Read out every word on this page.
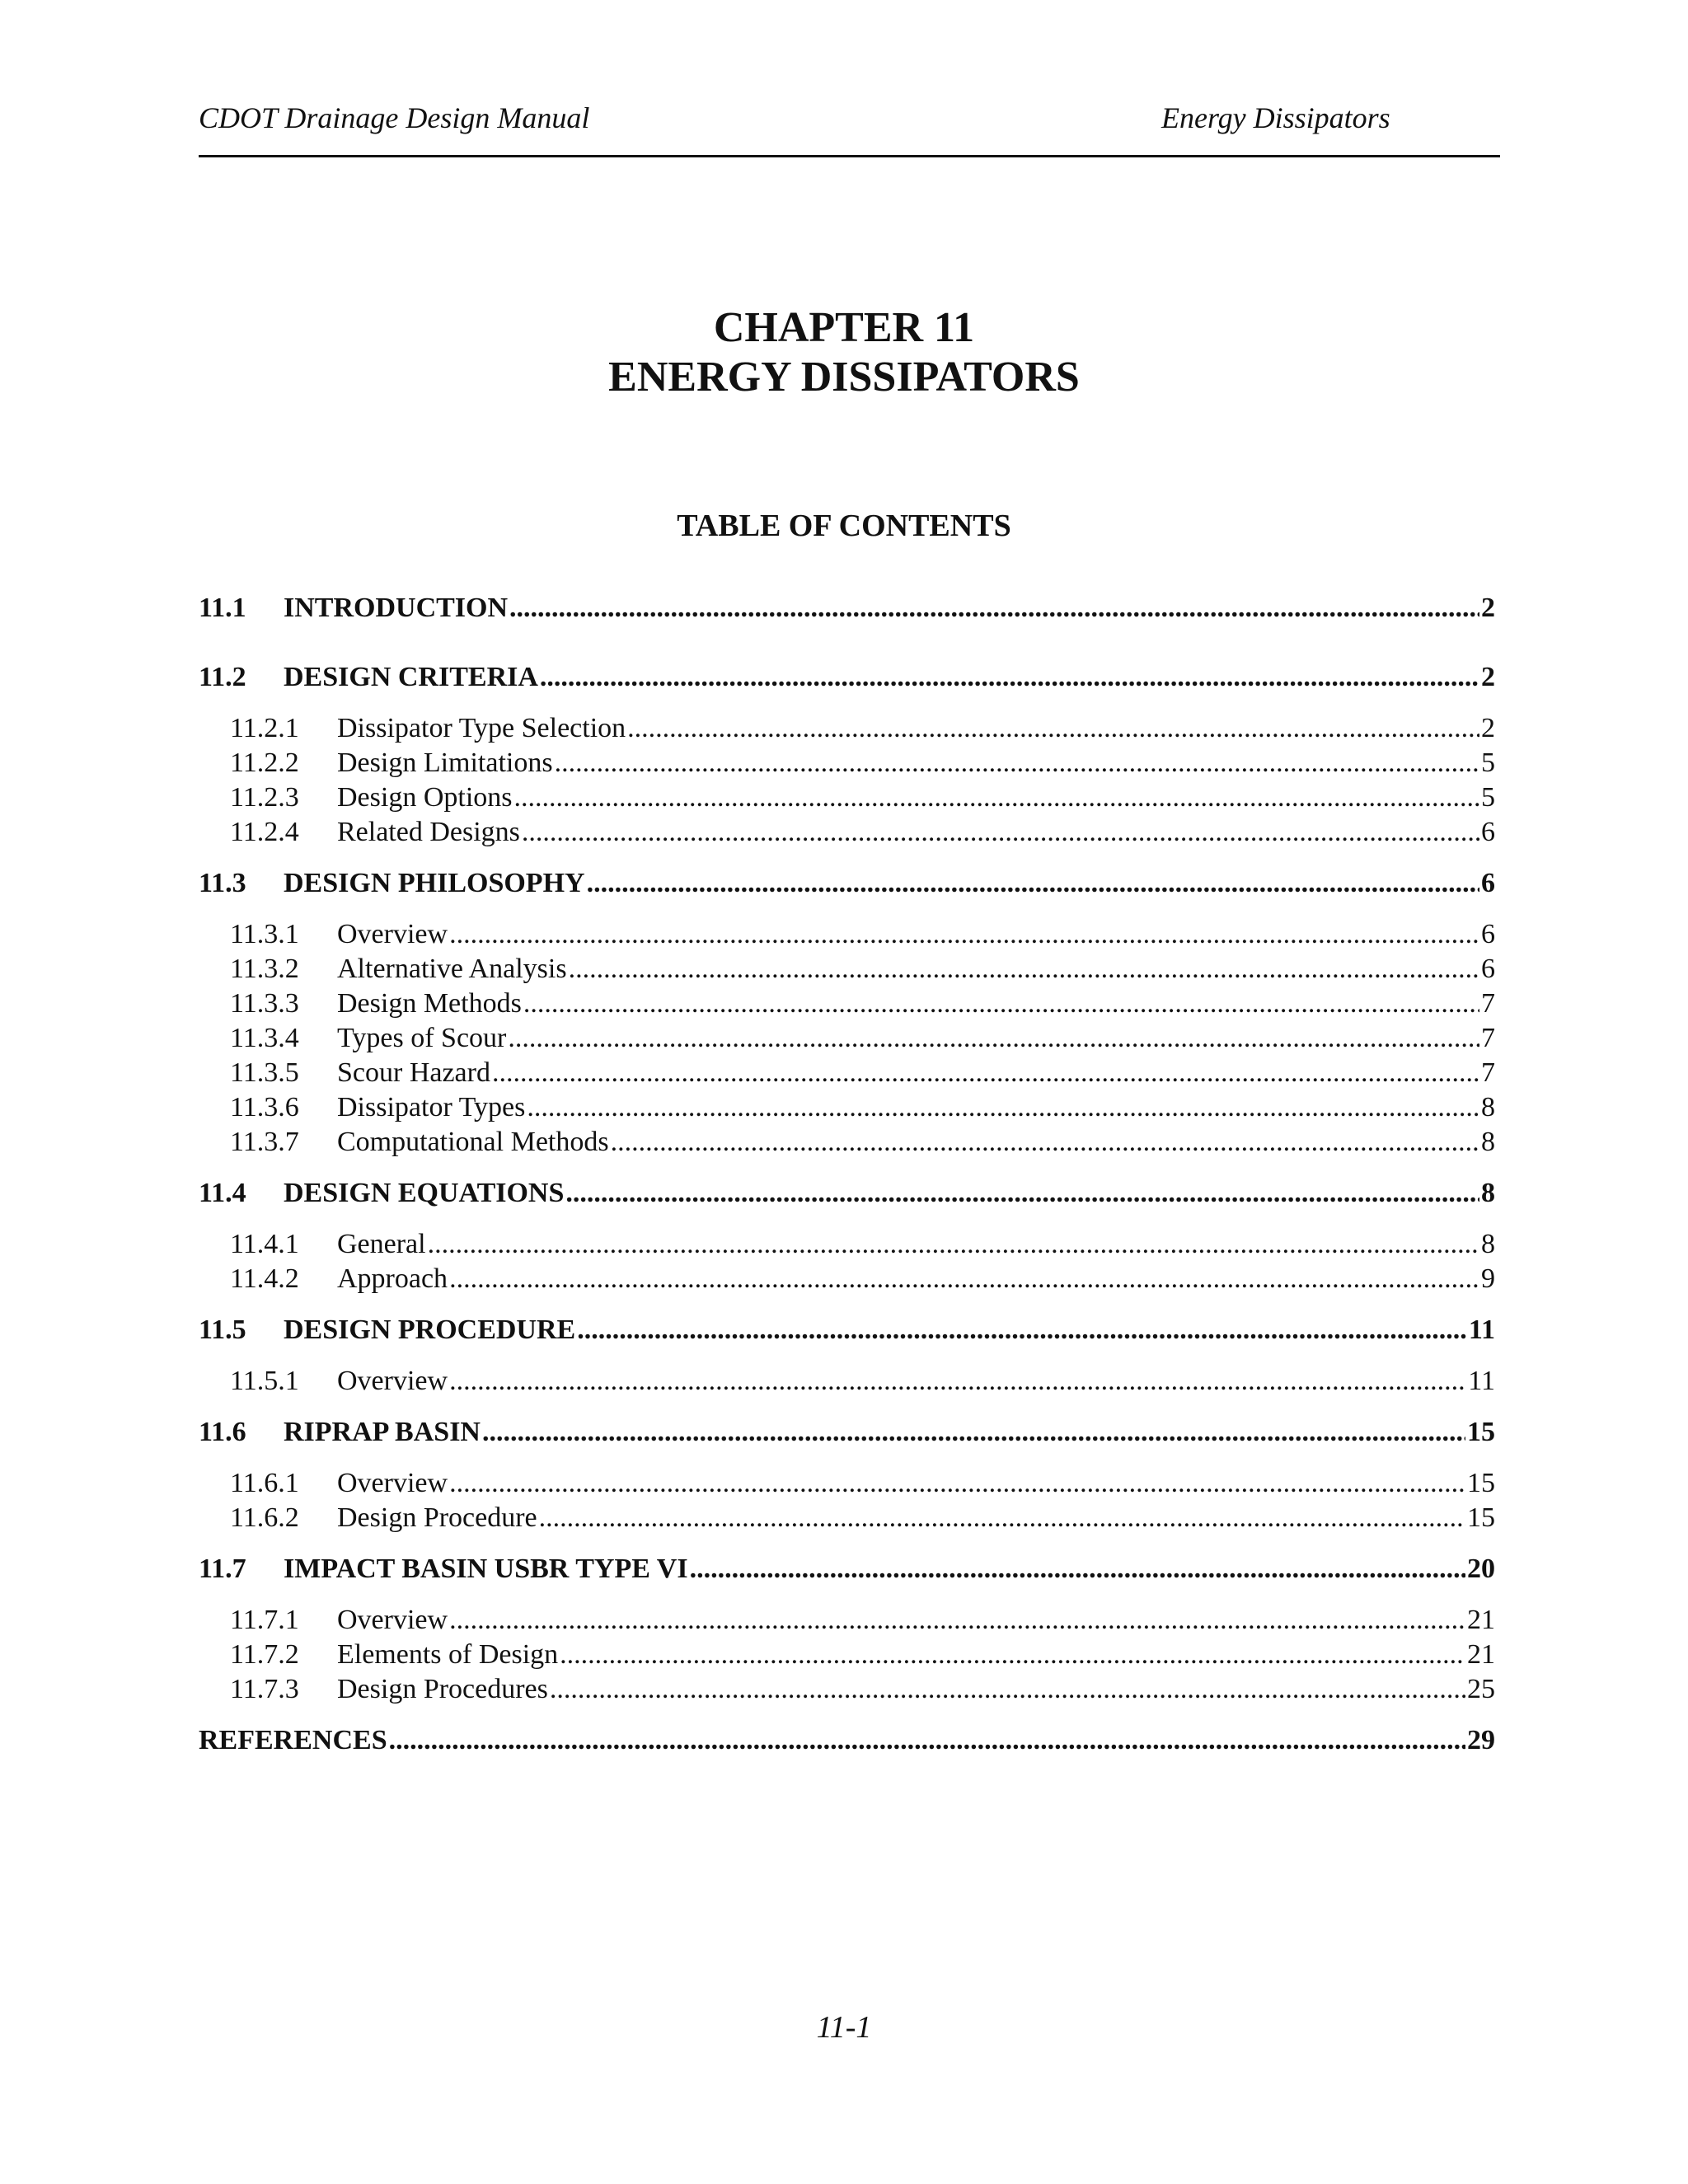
CDOT Drainage Design Manual	Energy Dissipators
CHAPTER 11
ENERGY DISSIPATORS
TABLE OF CONTENTS
11.1 INTRODUCTION .....	2
11.2 DESIGN CRITERIA .....	2
11.2.1 Dissipator Type Selection .....	2
11.2.2 Design Limitations .....	5
11.2.3 Design Options .....	5
11.2.4 Related Designs .....	6
11.3 DESIGN PHILOSOPHY .....	6
11.3.1 Overview .....	6
11.3.2 Alternative Analysis .....	6
11.3.3 Design Methods .....	7
11.3.4 Types of Scour .....	7
11.3.5 Scour Hazard .....	7
11.3.6 Dissipator Types .....	8
11.3.7 Computational Methods .....	8
11.4 DESIGN EQUATIONS .....	8
11.4.1 General .....	8
11.4.2 Approach .....	9
11.5 DESIGN PROCEDURE .....	11
11.5.1 Overview .....	11
11.6 RIPRAP BASIN .....	15
11.6.1 Overview .....	15
11.6.2 Design Procedure .....	15
11.7 IMPACT BASIN USBR TYPE VI .....	20
11.7.1 Overview .....	21
11.7.2 Elements of Design .....	21
11.7.3 Design Procedures .....	25
REFERENCES .....	29
11-1
